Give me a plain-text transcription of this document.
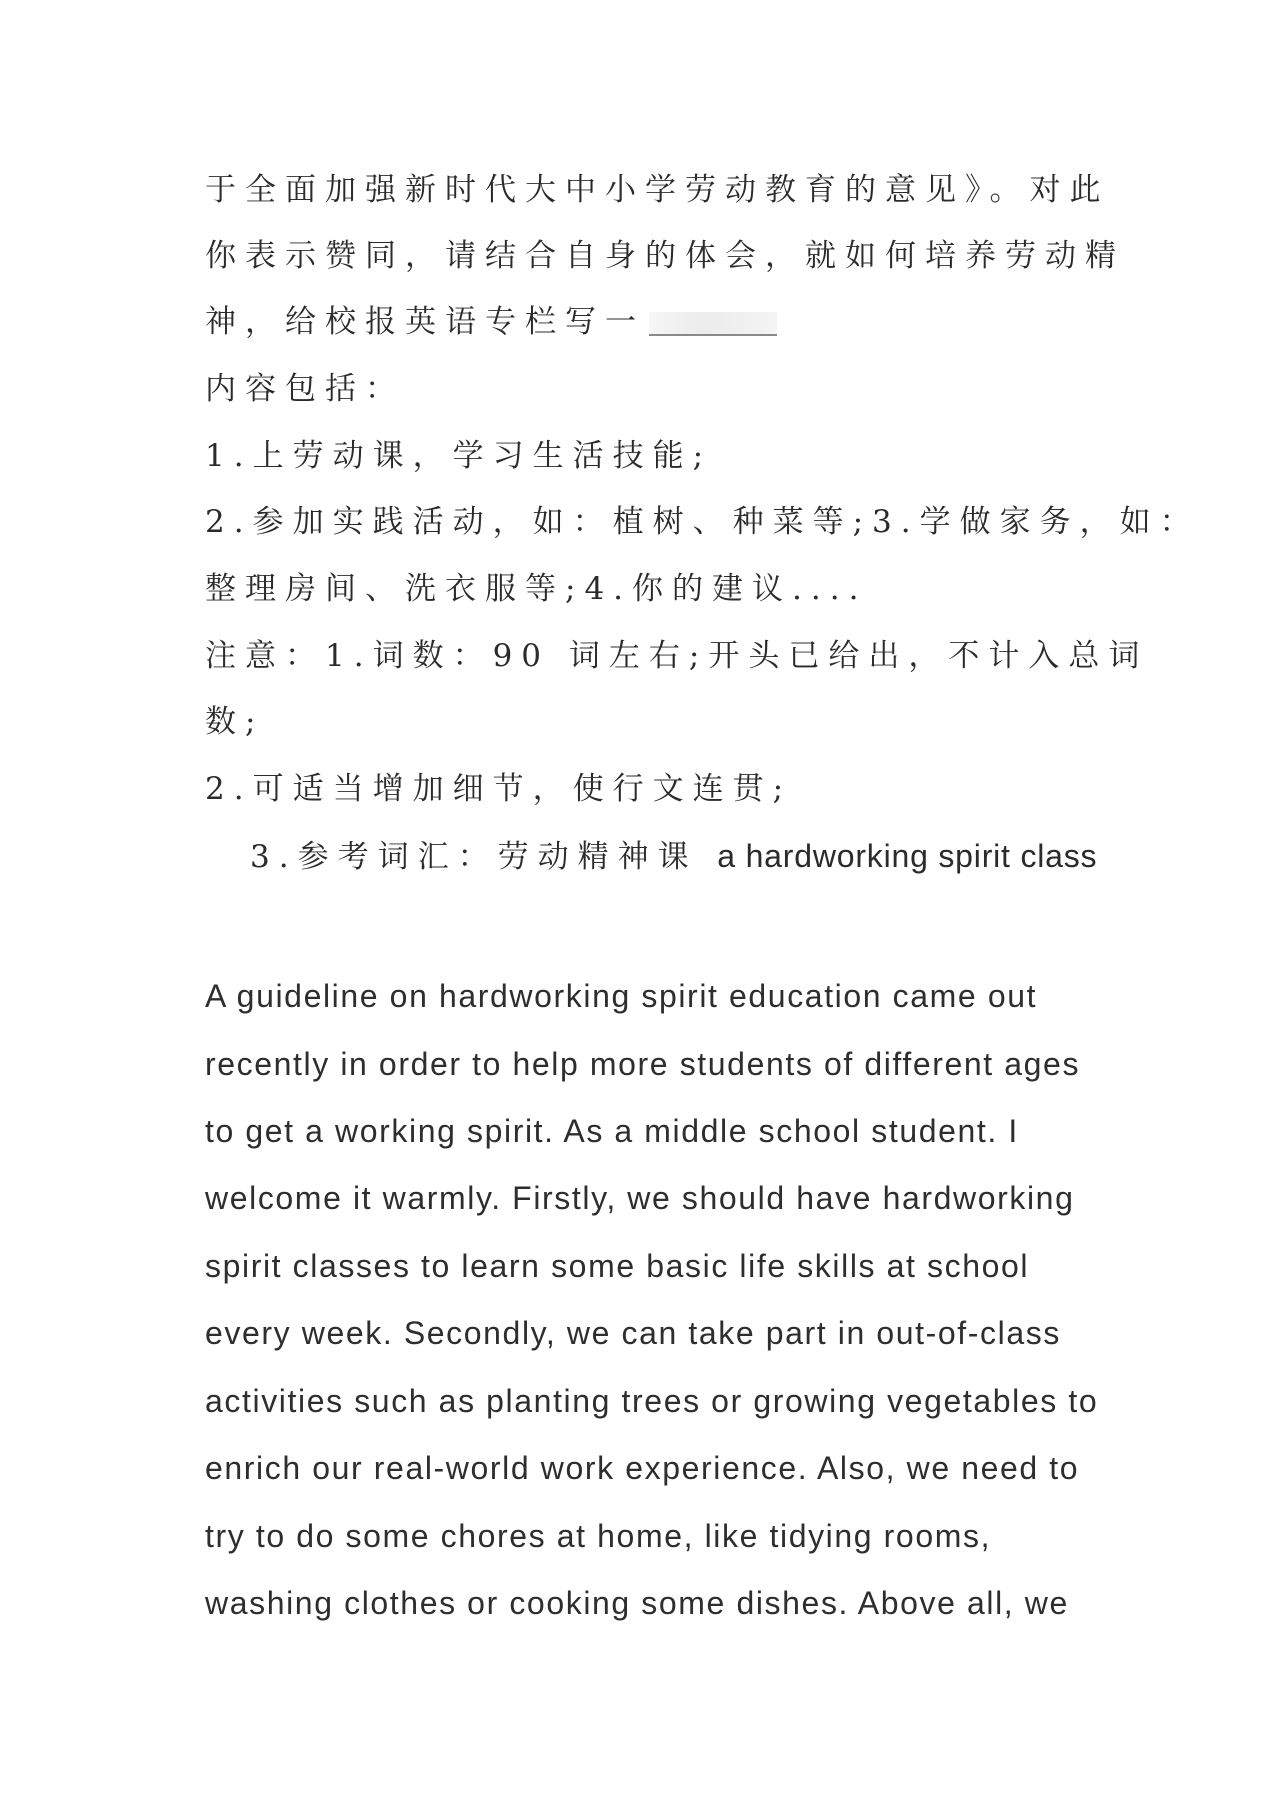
于全面加强新时代大中小学劳动教育的意见》。对此
你表示赞同，请结合自身的体会，就如何培养劳动精
神，给校报英语专栏写一
内容包括：
1.上劳动课，学习生活技能;
2.参加实践活动，如：植树、种菜等;3.学做家务，如：
整理房间、洗衣服等;4.你的建议....
注意：1.词数：90 词左右;开头已给出，不计入总词
数;
2.可适当增加细节，使行文连贯;
3.参考词汇：劳动精神课 a hardworking spirit class
A guideline on hardworking spirit education came out
recently in order to help more students of different ages
to get a working spirit. As a middle school student. I
welcome it warmly. Firstly, we should have hardworking
spirit classes to learn some basic life skills at school
every week. Secondly, we can take part in out-of-class
activities such as planting trees or growing vegetables to
enrich our real-world work experience. Also, we need to
try to do some chores at home, like tidying rooms,
washing clothes or cooking some dishes. Above all, we
